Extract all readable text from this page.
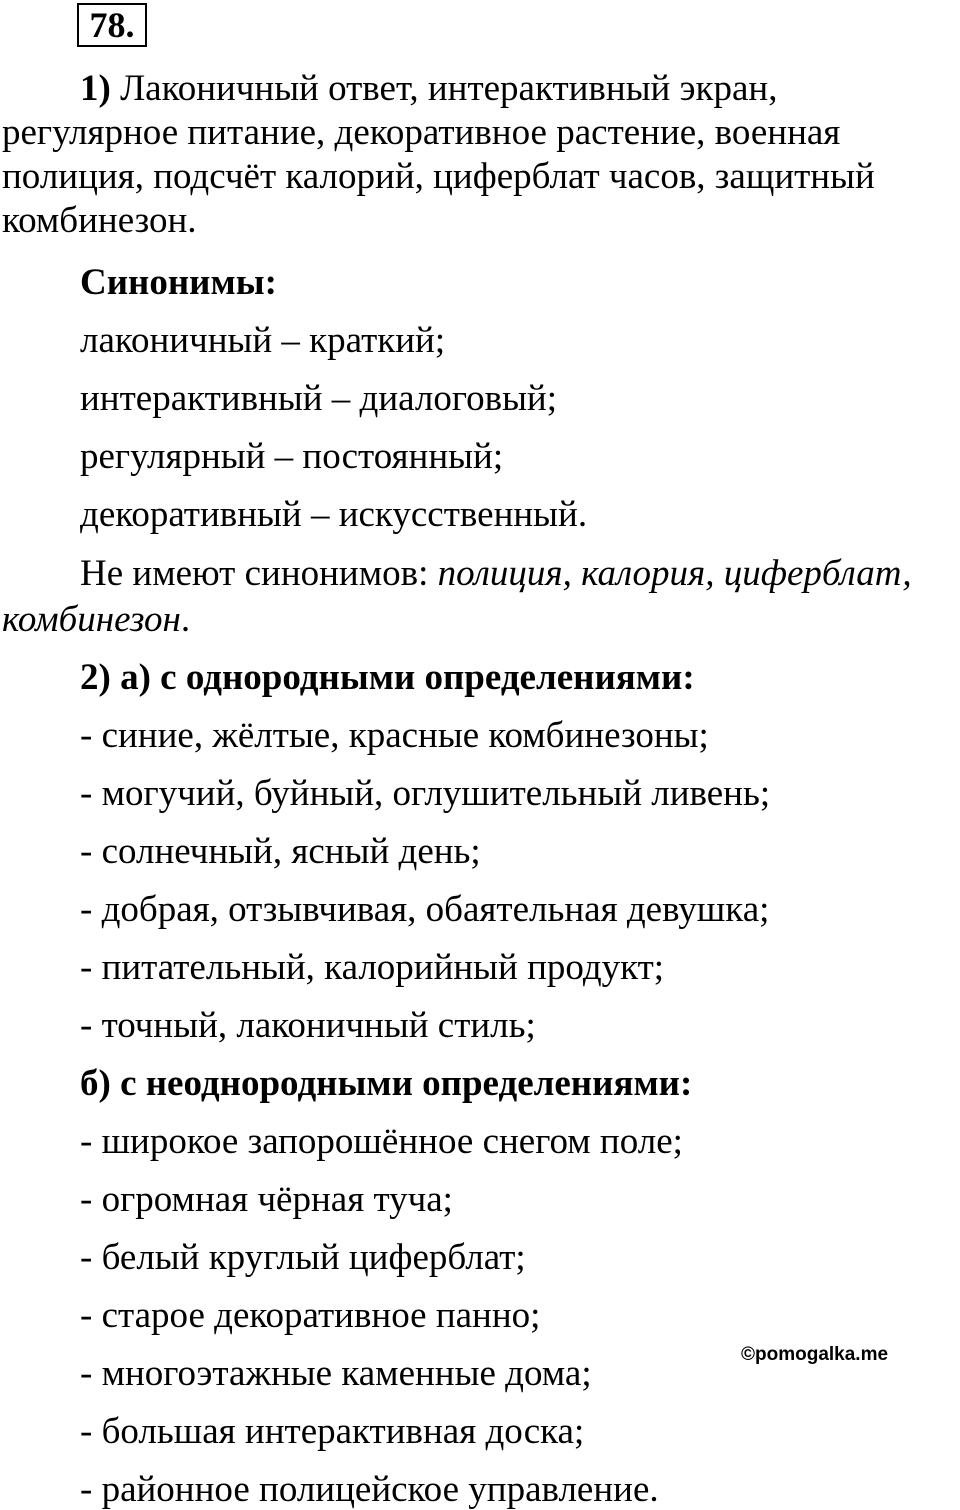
78.
1) Лаконичный ответ, интерактивный экран,
регулярное питание, декоративное растение, военная
полиция, подсчёт калорий, циферблат часов, защитный
комбинезон.
Синонимы:
лаконичный – краткий;
интерактивный – диалоговый;
регулярный – постоянный;
декоративный – искусственный.
Не имеют синонимов: полиция, калория, циферблат,
комбинезон.
2) а) с однородными определениями:
- синие, жёлтые, красные комбинезоны;
- могучий, буйный, оглушительный ливень;
- солнечный, ясный день;
- добрая, отзывчивая, обаятельная девушка;
- питательный, калорийный продукт;
- точный, лаконичный стиль;
б) с неоднородными определениями:
- широкое запорошённое снегом поле;
- огромная чёрная туча;
- белый круглый циферблат;
- старое декоративное панно;
- многоэтажные каменные дома;
- большая интерактивная доска;
- районное полицейское управление.
©pomogalka.me
